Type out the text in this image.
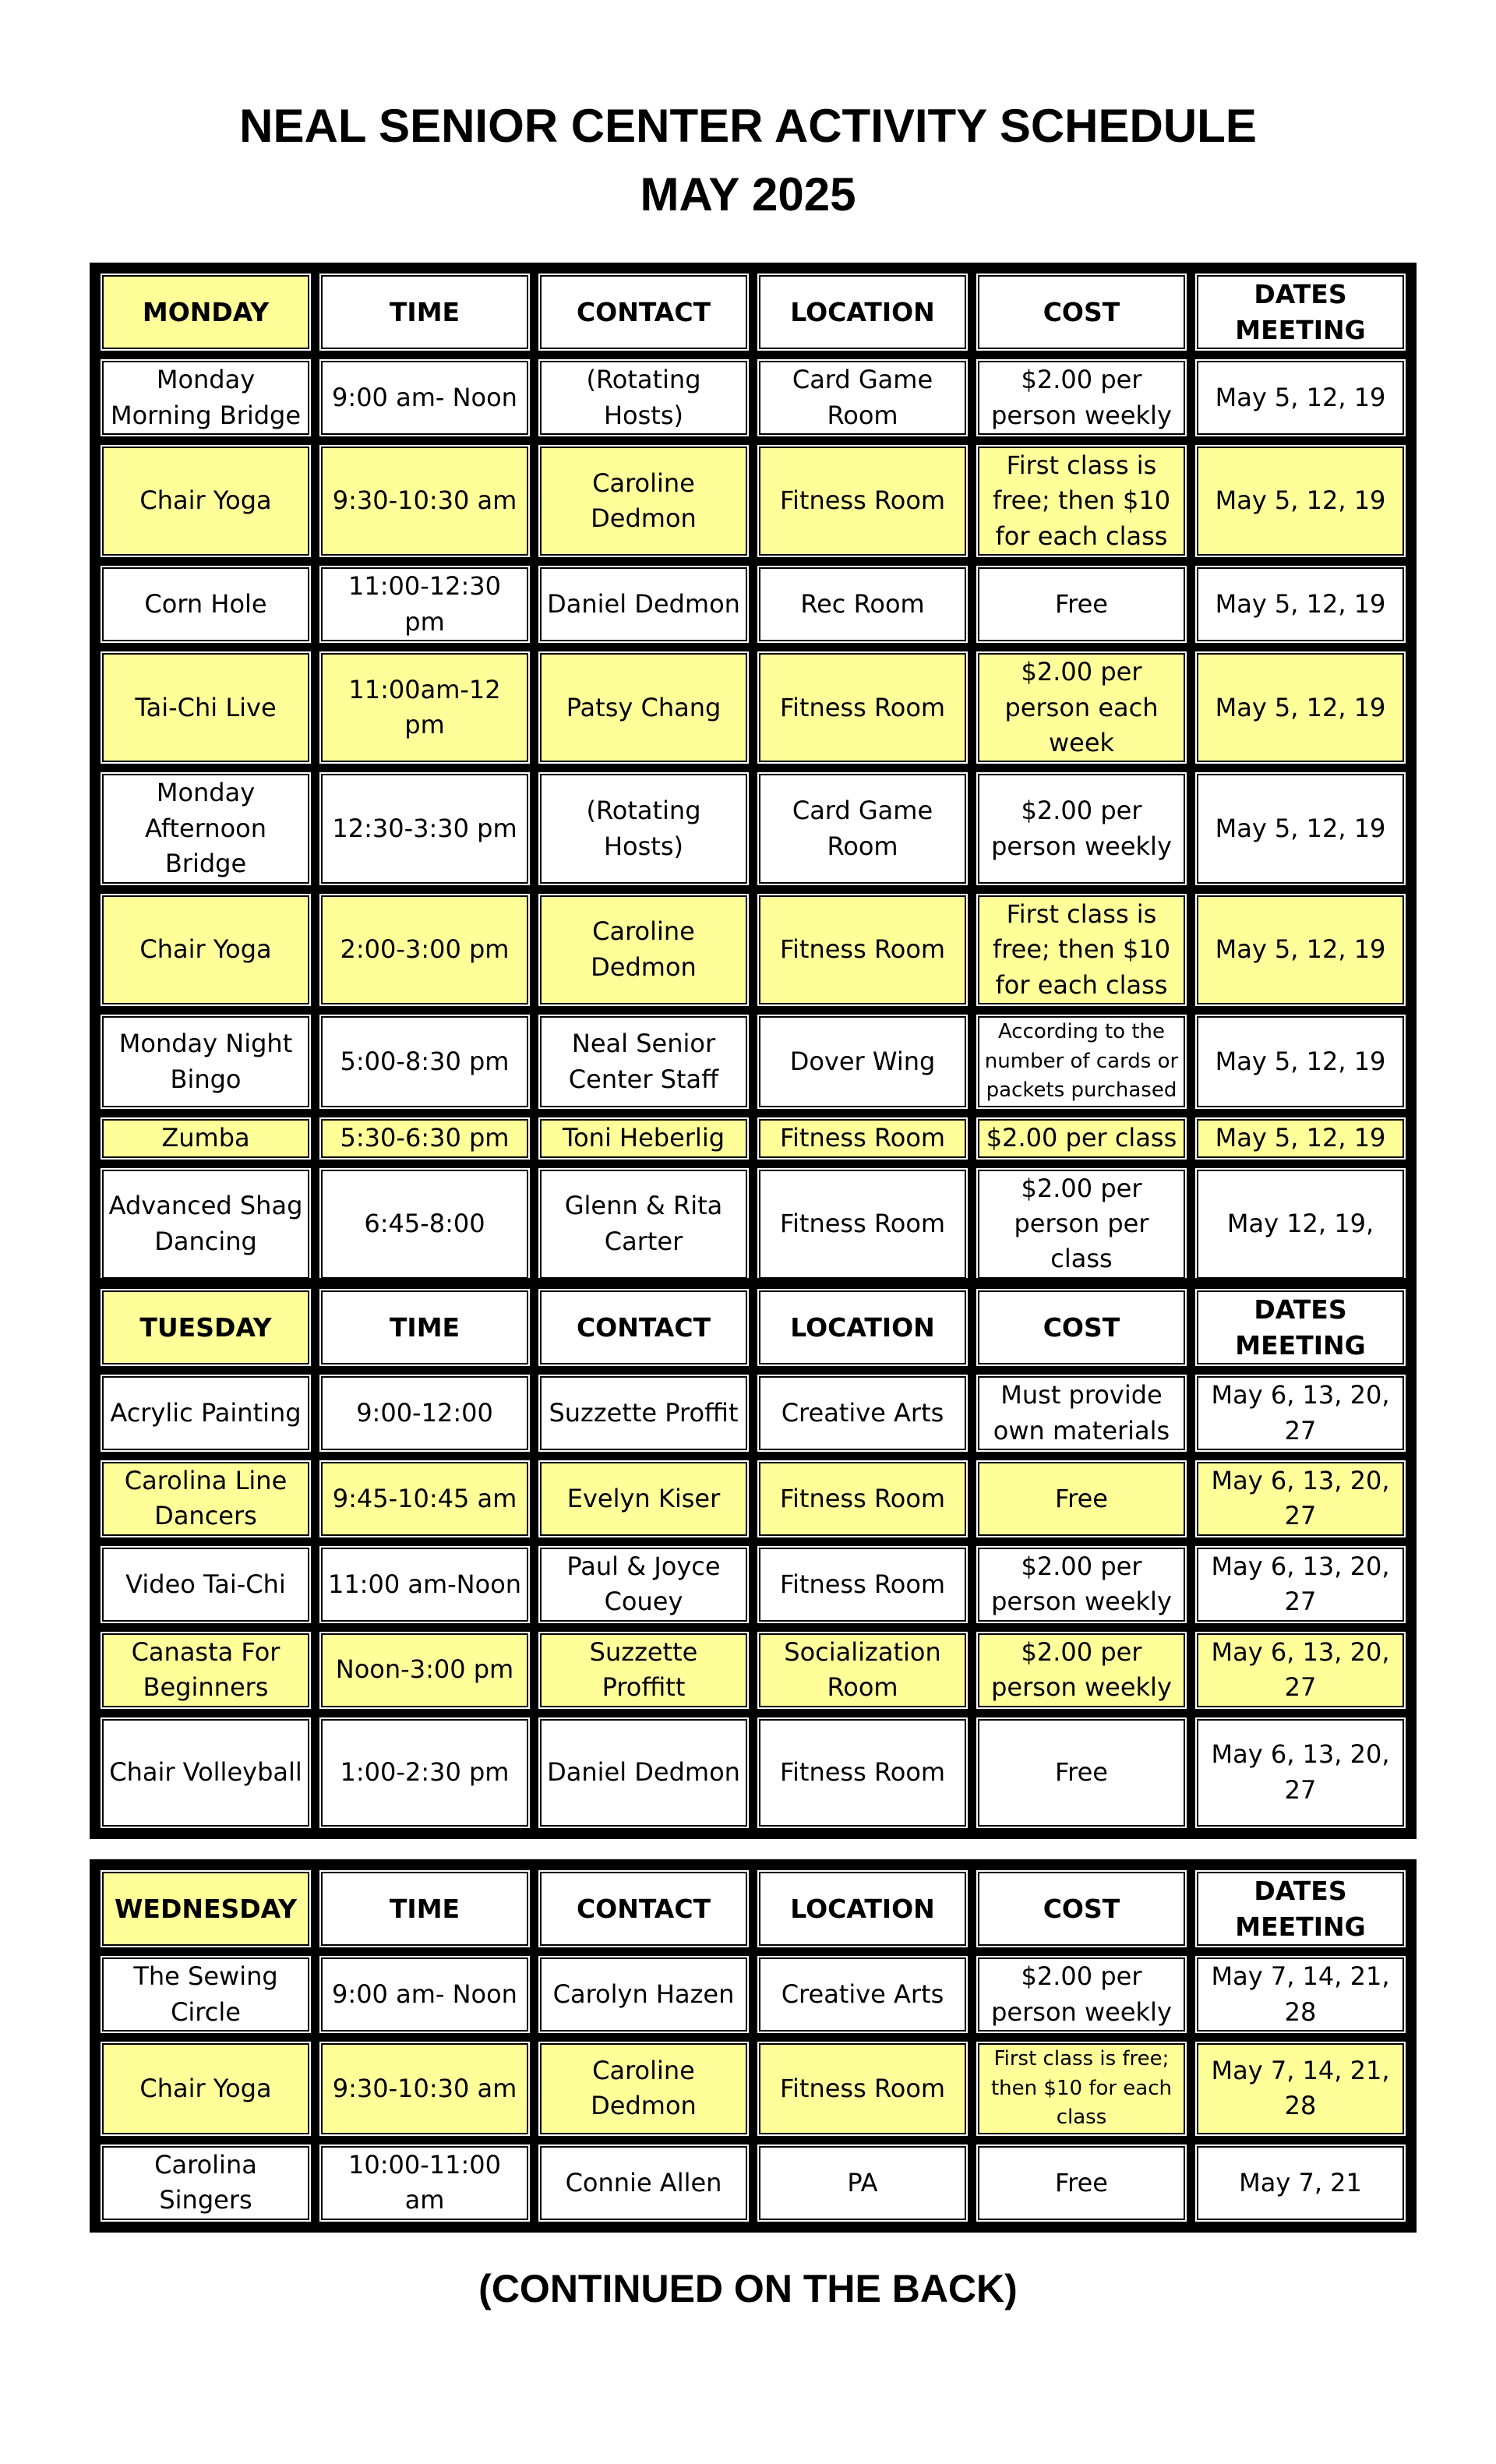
NEAL SENIOR CENTER ACTIVITY SCHEDULE
MAY 2025
MONDAY	TIME	CONTACT	LOCATION	COST	DATES MEETING
Monday Morning Bridge	9:00 am- Noon	(Rotating Hosts)	Card Game Room	$2.00 per person weekly	May 5, 12, 19
Chair Yoga	9:30-10:30 am	Caroline Dedmon	Fitness Room	First class is free; then $10 for each class	May 5, 12, 19
Corn Hole	11:00-12:30 pm	Daniel Dedmon	Rec Room	Free	May 5, 12, 19
Tai-Chi Live	11:00am-12 pm	Patsy Chang	Fitness Room	$2.00 per person each week	May 5, 12, 19
Monday Afternoon Bridge	12:30-3:30 pm	(Rotating Hosts)	Card Game Room	$2.00 per person weekly	May 5, 12, 19
Chair Yoga	2:00-3:00 pm	Caroline Dedmon	Fitness Room	First class is free; then $10 for each class	May 5, 12, 19
Monday Night Bingo	5:00-8:30 pm	Neal Senior Center Staff	Dover Wing	According to the number of cards or packets purchased	May 5, 12, 19
Zumba	5:30-6:30 pm	Toni Heberlig	Fitness Room	$2.00 per class	May 5, 12, 19
Advanced Shag Dancing	6:45-8:00	Glenn & Rita Carter	Fitness Room	$2.00 per person per class	May 12, 19,
TUESDAY	TIME	CONTACT	LOCATION	COST	DATES MEETING
Acrylic Painting	9:00-12:00	Suzzette Proffit	Creative Arts	Must provide own materials	May 6, 13, 20, 27
Carolina Line Dancers	9:45-10:45 am	Evelyn Kiser	Fitness Room	Free	May 6, 13, 20, 27
Video Tai-Chi	11:00 am-Noon	Paul & Joyce Couey	Fitness Room	$2.00 per person weekly	May 6, 13, 20, 27
Canasta For Beginners	Noon-3:00 pm	Suzzette Proffitt	Socialization Room	$2.00 per person weekly	May 6, 13, 20, 27
Chair Volleyball	1:00-2:30 pm	Daniel Dedmon	Fitness Room	Free	May 6, 13, 20, 27
WEDNESDAY	TIME	CONTACT	LOCATION	COST	DATES MEETING
The Sewing Circle	9:00 am- Noon	Carolyn Hazen	Creative Arts	$2.00 per person weekly	May 7, 14, 21, 28
Chair Yoga	9:30-10:30 am	Caroline Dedmon	Fitness Room	First class is free; then $10 for each class	May 7, 14, 21, 28
Carolina Singers	10:00-11:00 am	Connie Allen	PA	Free	May 7, 21
(CONTINUED ON THE BACK)
